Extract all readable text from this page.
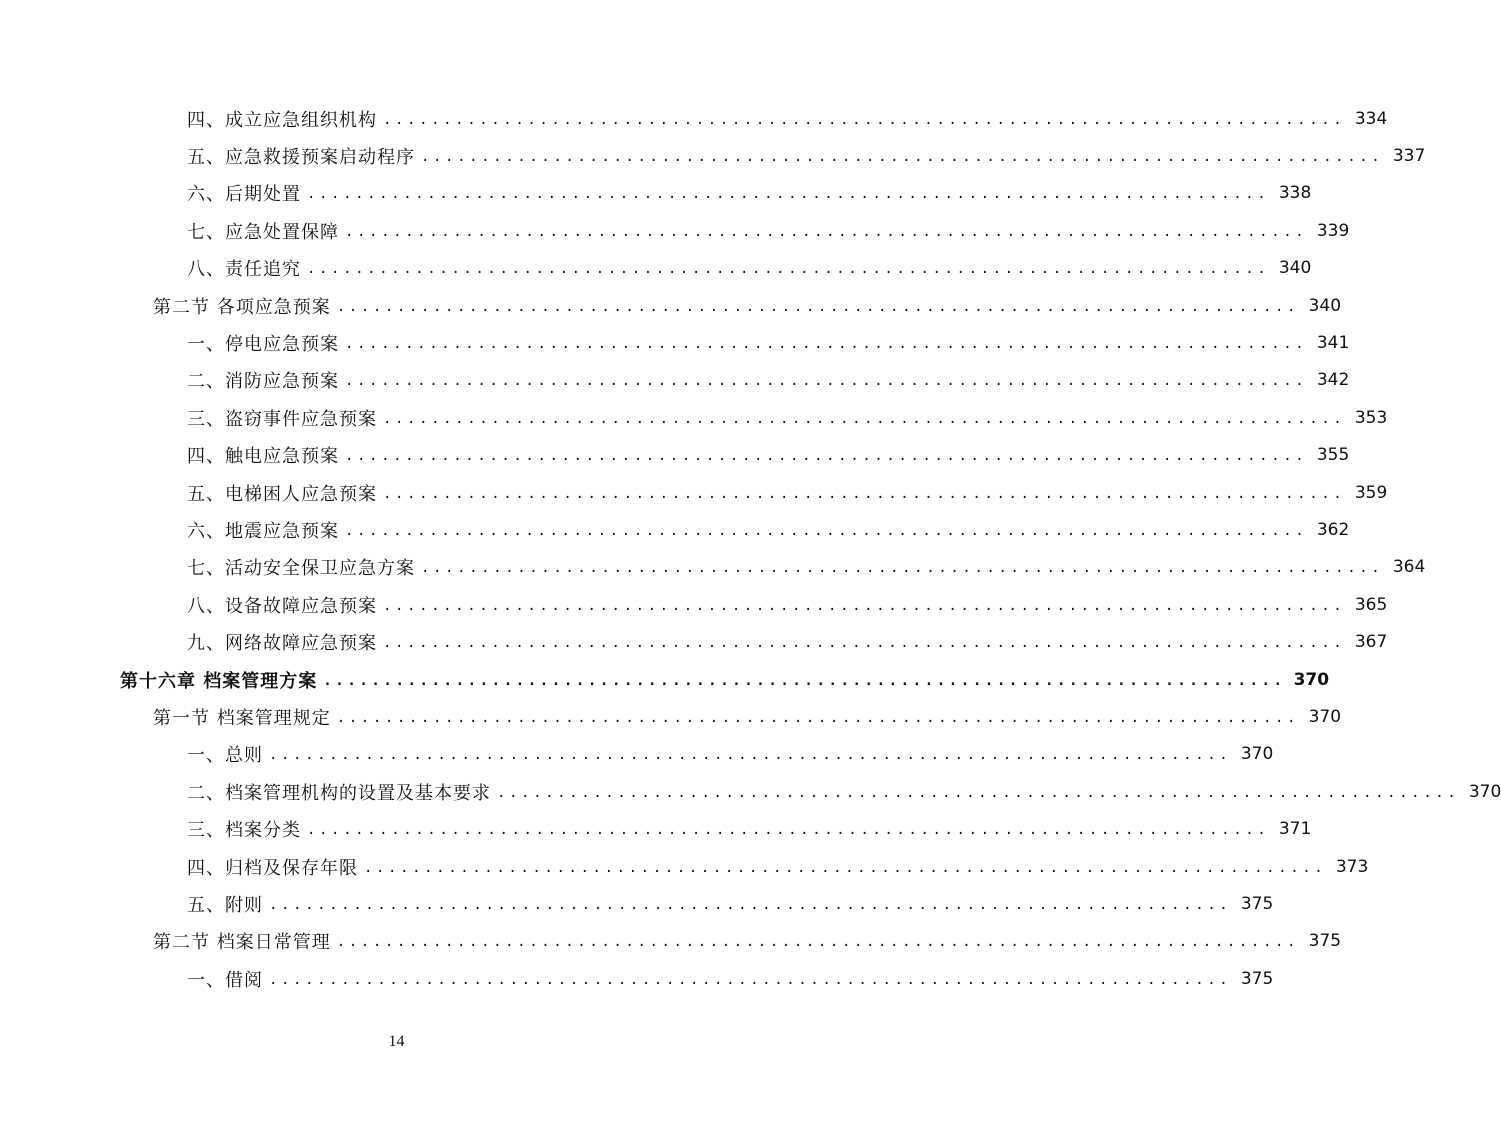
四、成立应急组织机构 ................................................................................ 334
五、应急救援预案启动程序 ................................................................................ 337
六、后期处置 ................................................................................ 338
七、应急处置保障 ................................................................................ 339
八、责任追究 ................................................................................ 340
第二节 各项应急预案 ................................................................................ 340
一、停电应急预案 ................................................................................ 341
二、消防应急预案 ................................................................................ 342
三、盗窃事件应急预案 ................................................................................ 353
四、触电应急预案 ................................................................................ 355
五、电梯困人应急预案 ................................................................................ 359
六、地震应急预案 ................................................................................ 362
七、活动安全保卫应急方案 ................................................................................ 364
八、设备故障应急预案 ................................................................................ 365
九、网络故障应急预案 ................................................................................ 367
第十六章 档案管理方案 ................................................................................ 370
第一节 档案管理规定 ................................................................................ 370
一、总则 ................................................................................ 370
二、档案管理机构的设置及基本要求 ................................................................................ 370
三、档案分类 ................................................................................ 371
四、归档及保存年限 ................................................................................ 373
五、附则 ................................................................................ 375
第二节 档案日常管理 ................................................................................ 375
一、借阅 ................................................................................ 375
14
